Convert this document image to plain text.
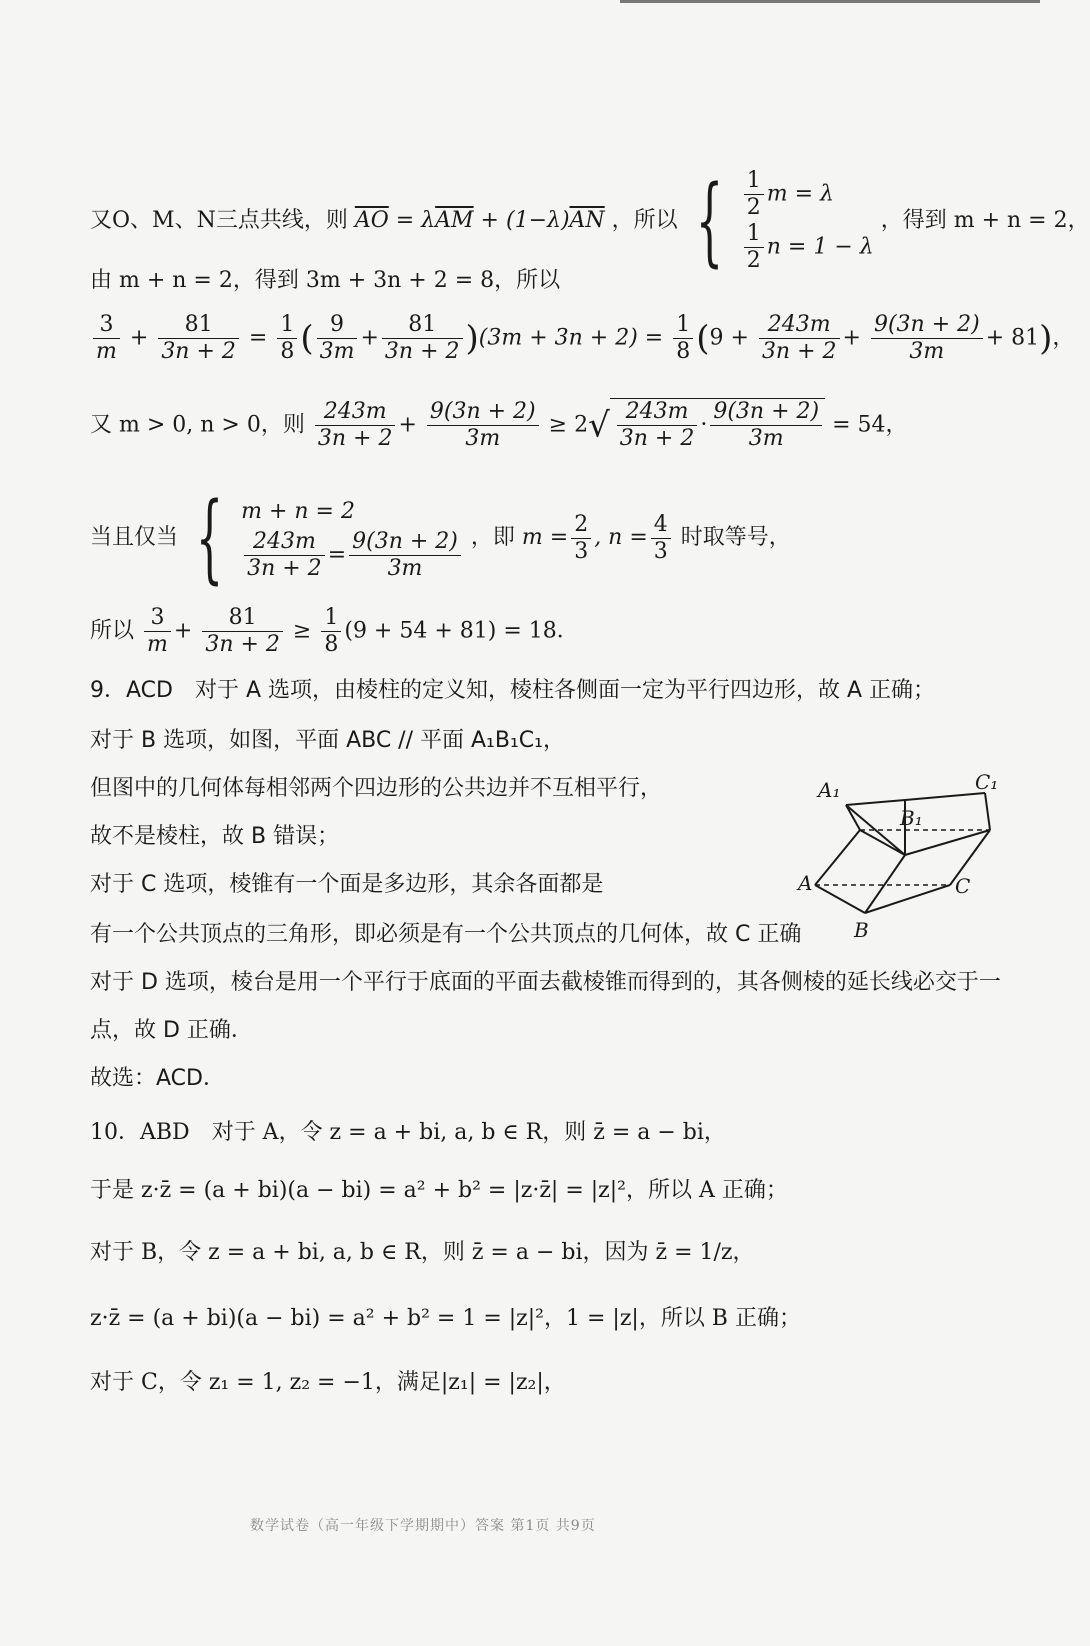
又O、M、N三点共线，则 $\overline{AO} = \lambda\overline{AM} + (1-\lambda)\overline{AN}$ ，所以 { $\frac{1}{2}$ m = λ
$\frac{1}{2}$ n = 1 − λ
，得到 m + n = 2，
由 m + n = 2，得到 3m + 3n + 2 = 8，所以
$\frac{3}{m} + \frac{81}{3n + 2} = \frac{1}{8}$ ( $\frac{9}{3m} + \frac{81}{3n + 2} )(3m + 3n + 2) = \frac{1}{8} (9 + \frac{243m}{3n + 2} + \frac{9(3n + 2)}{3m} + 81)$，
又 m > 0, n > 0，则 $\frac{243m}{3n + 2} + \frac{9(3n + 2)}{3m} \ge 2√ \frac{243m}{3n + 2} \cdot \frac{9(3n + 2)}{3m} = 54$，
当且仅当 { m + n = 2
$\frac{243m}{3n + 2} = \frac{9(3n + 2)}{3m}$ ，即 $m = \frac{2}{3}$ , $n = \frac{4}{3}$ 时取等号，
所以 $\frac{3}{m} + \frac{81}{3n + 2} \ge \frac{1}{8} (9 + 54 + 81) = 18$．
9．ACD　对于 A 选项，由棱柱的定义知，棱柱各侧面一定为平行四边形，故 A 正确；
对于 B 选项，如图，平面 ABC // 平面 A₁B₁C₁，
但图中的几何体每相邻两个四边形的公共边并不互相平行，
故不是棱柱，故 B 错误；
对于 C 选项，棱锥有一个面是多边形，其余各面都是
有一个公共顶点的三角形，即必须是有一个公共顶点的几何体，故 C 正确
对于 D 选项，棱台是用一个平行于底面的平面去截棱锥而得到的，其各侧棱的延长线必交于一
点，故 D 正确．
故选：ACD．
10．ABD　对于 A，令 z = a + bi, a, b ∈ R，则 z̄ = a − bi，
于是 z·z̄ = (a + bi)(a − bi) = a² + b² = |z·z̄| = |z|²，所以 A 正确；
对于 B，令 z = a + bi, a, b ∈ R，则 z̄ = a − bi，因为 z̄ = 1/z，
z·z̄ = (a + bi)(a − bi) = a² + b² = 1 = |z|²，1 = |z|，所以 B 正确；
对于 C，令 z₁ = 1, z₂ = −1，满足|z₁| = |z₂|，
A₁	C₁
B₁
A	C
B
数学试卷（高一年级下学期期中）答案 第1页 共9页
